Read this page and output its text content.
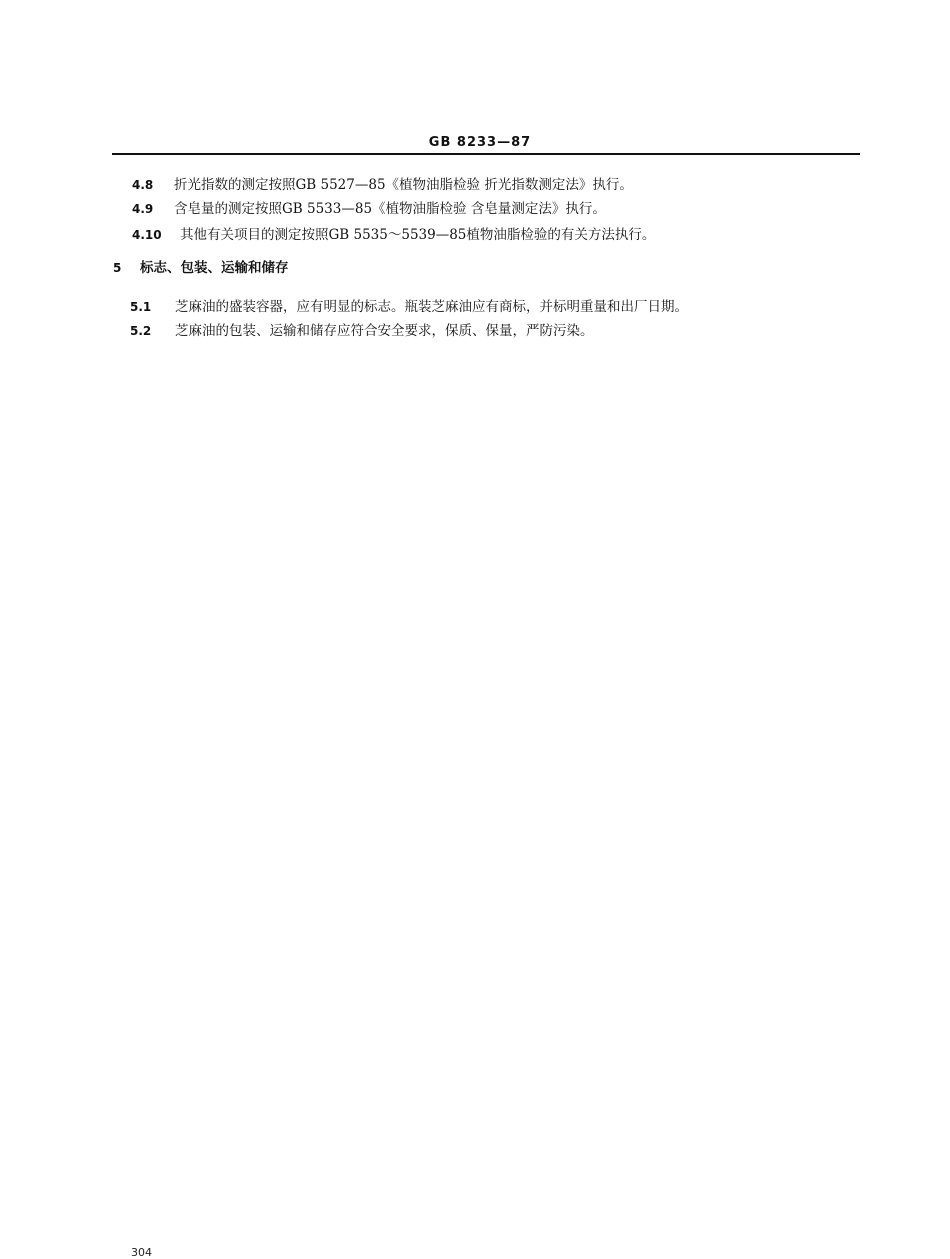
GB 8233—87
4.8 折光指数的测定按照GB 5527—85《植物油脂检验 折光指数测定法》执行。
4.9 含皂量的测定按照GB 5533—85《植物油脂检验 含皂量测定法》执行。
4.10 其他有关项目的测定按照GB 5535～5539—85植物油脂检验的有关方法执行。
5 标志、包装、运输和储存
5.1 芝麻油的盛装容器，应有明显的标志。瓶装芝麻油应有商标，并标明重量和出厂日期。
5.2 芝麻油的包装、运输和储存应符合安全要求，保质、保量，严防污染。
304
